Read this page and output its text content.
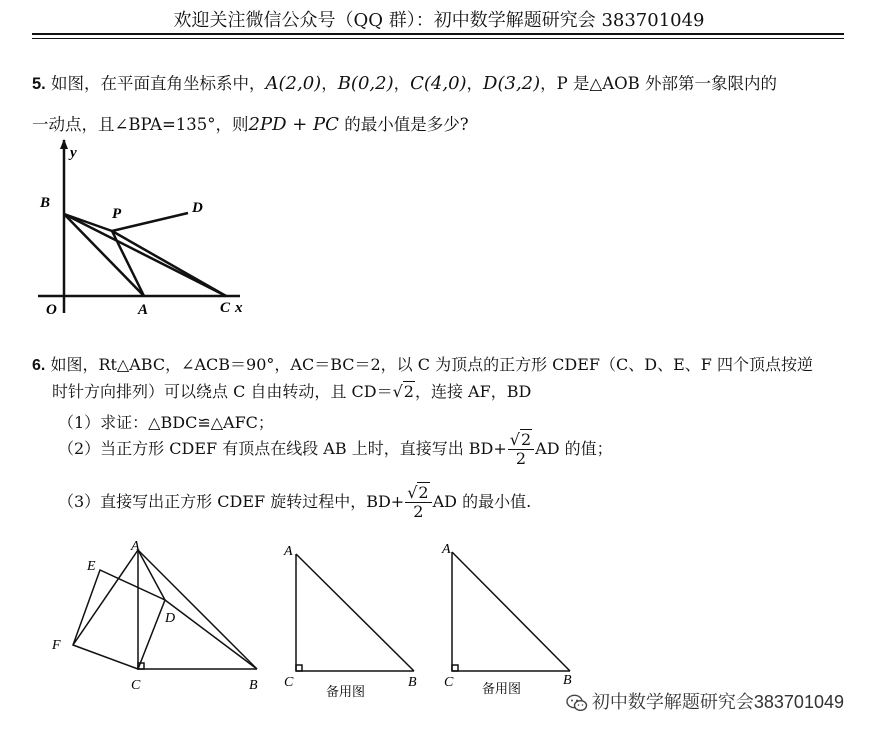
欢迎关注微信公众号（QQ 群）：初中数学解题研究会 383701049
5. 如图，在平面直角坐标系中，A(2,0)，B(0,2)，C(4,0)，D(3,2)，P 是△AOB 外部第一象限内的
一动点，且∠BPA=135°，则2PD + PC 的最小值是多少?
y
B
P	D
O	A	C x
6. 如图，Rt△ABC，∠ACB＝90°，AC＝BC＝2，以 C 为顶点的正方形 CDEF（C、D、E、F 四个顶点按逆
时针方向排列）可以绕点 C 自由转动，且 CD＝√2，连接 AF，BD
（1）求证：△BDC≌△AFC；
（2）当正方形 CDEF 有顶点在线段 AB 上时，直接写出 $BD+ \frac{√2}{2}$ AD 的值；
（3）直接写出正方形 CDEF 旋转过程中，$BD+ \frac{√2}{2}$ AD 的最小值.
A
E
D
F
C	B
A
C	B
备用图
A
C	B
备用图
初中数学解题研究会383701049
